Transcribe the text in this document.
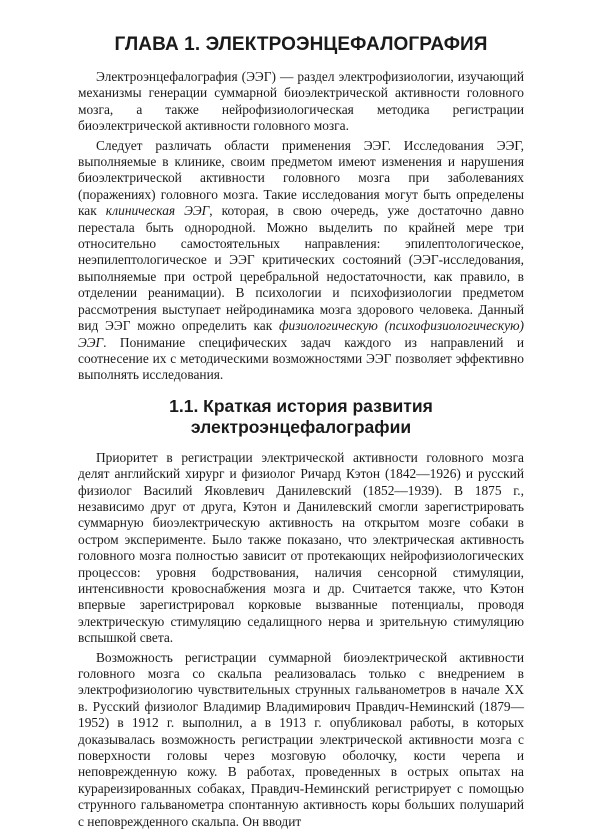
ГЛАВА 1. ЭЛЕКТРОЭНЦЕФАЛОГРАФИЯ

Электроэнцефалография (ЭЭГ) — раздел электрофизиологии, изучающий механизмы генерации суммарной биоэлектрической активности головного мозга, а также нейрофизиологическая методика регистрации биоэлектрической активности головного мозга.

Следует различать области применения ЭЭГ. Исследования ЭЭГ, выполняемые в клинике, своим предметом имеют изменения и нарушения биоэлектрической активности головного мозга при заболеваниях (поражениях) головного мозга. Такие исследования могут быть определены как клиническая ЭЭГ, которая, в свою очередь, уже достаточно давно перестала быть однородной. Можно выделить по крайней мере три относительно самостоятельных направления: эпилептологическое, неэпилептологическое и ЭЭГ критических состояний (ЭЭГ-исследования, выполняемые при острой церебральной недостаточности, как правило, в отделении реанимации). В психологии и психофизиологии предметом рассмотрения выступает нейродинамика мозга здорового человека. Данный вид ЭЭГ можно определить как физиологическую (психофизиологическую) ЭЭГ. Понимание специфических задач каждого из направлений и соотнесение их с методическими возможностями ЭЭГ позволяет эффективно выполнять исследования.

1.1. Краткая история развития
электроэнцефалографии

Приоритет в регистрации электрической активности головного мозга делят английский хирург и физиолог Ричард Кэтон (1842—1926) и русский физиолог Василий Яковлевич Данилевский (1852—1939). В 1875 г., независимо друг от друга, Кэтон и Данилевский смогли зарегистрировать суммарную биоэлектрическую активность на открытом мозге собаки в остром эксперименте. Было также показано, что электрическая активность головного мозга полностью зависит от протекающих нейрофизиологических процессов: уровня бодрствования, наличия сенсорной стимуляции, интенсивности кровоснабжения мозга и др. Считается также, что Кэтон впервые зарегистрировал корковые вызванные потенциалы, проводя электрическую стимуляцию седалищного нерва и зрительную стимуляцию вспышкой света.

Возможность регистрации суммарной биоэлектрической активности головного мозга со скальпа реализовалась только с внедрением в электрофизиологию чувствительных струнных гальванометров в начале XX в. Русский физиолог Владимир Владимирович Правдич-Неминский (1879—1952) в 1912 г. выполнил, а в 1913 г. опубликовал работы, в которых доказывалась возможность регистрации электрической активности мозга с поверхности головы через мозговую оболочку, кости черепа и неповрежденную кожу. В работах, проведенных в острых опытах на курареизированных собаках, Правдич-Неминский регистрирует с помощью струнного гальванометра спонтанную активность коры больших полушарий с неповрежденного скальпа. Он вводит
